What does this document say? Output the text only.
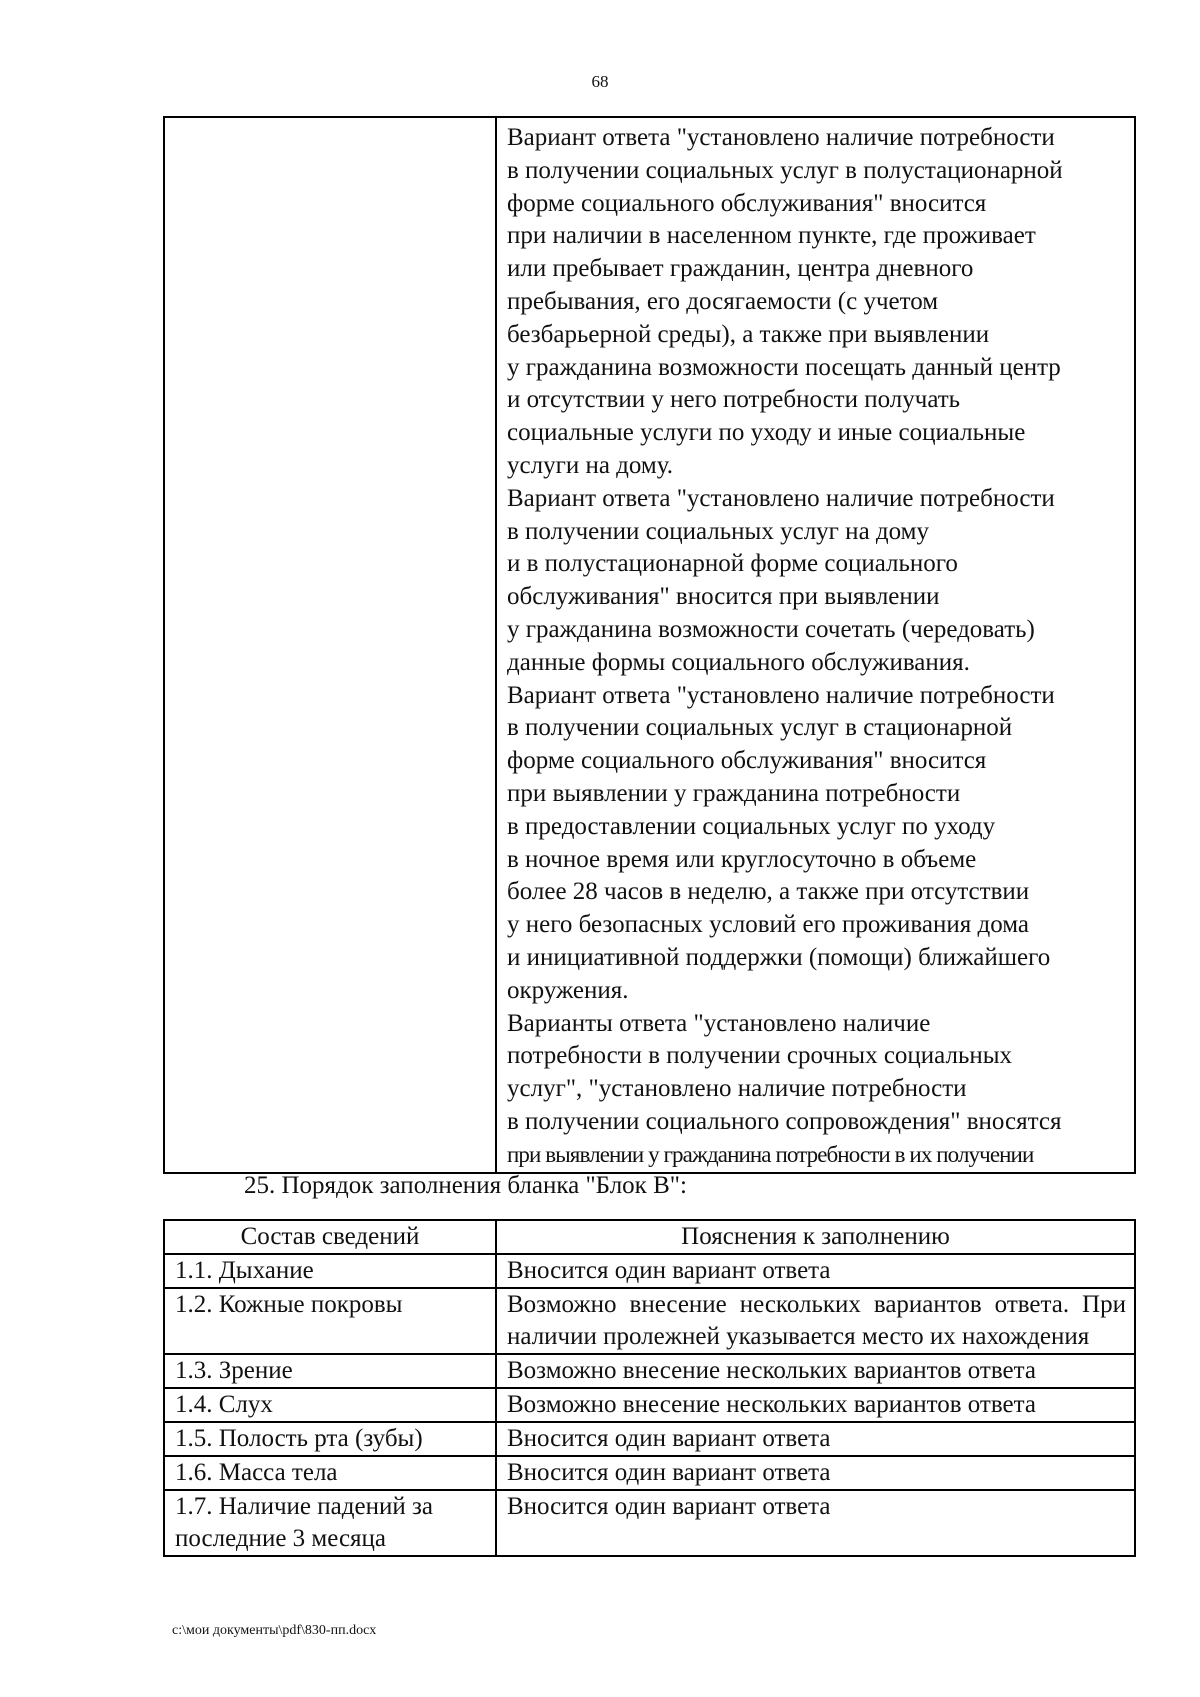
68

Вариант ответа "установлено наличие потребности
в получении социальных услуг в полустационарной
форме социального обслуживания" вносится
при наличии в населенном пункте, где проживает
или пребывает гражданин, центра дневного
пребывания, его досягаемости (с учетом
безбарьерной среды), а также при выявлении
у гражданина возможности посещать данный центр
и отсутствии у него потребности получать
социальные услуги по уходу и иные социальные
услуги на дому.
Вариант ответа "установлено наличие потребности
в получении социальных услуг на дому
и в полустационарной форме социального
обслуживания" вносится при выявлении
у гражданина возможности сочетать (чередовать)
данные формы социального обслуживания.
Вариант ответа "установлено наличие потребности
в получении социальных услуг в стационарной
форме социального обслуживания" вносится
при выявлении у гражданина потребности
в предоставлении социальных услуг по уходу
в ночное время или круглосуточно в объеме
более 28 часов в неделю, а также при отсутствии
у него безопасных условий его проживания дома
и инициативной поддержки (помощи) ближайшего
окружения.
Варианты ответа "установлено наличие
потребности в получении срочных социальных
услуг", "установлено наличие потребности
в получении социального сопровождения" вносятся
при выявлении у гражданина потребности в их получении
25. Порядок заполнения бланка "Блок В":
Состав сведений	Пояснения к заполнению
1.1. Дыхание	Вносится один вариант ответа
1.2. Кожные покровы	Возможно внесение нескольких вариантов ответа. При наличии пролежней указывается место их нахождения
1.3. Зрение	Возможно внесение нескольких вариантов ответа
1.4. Слух	Возможно внесение нескольких вариантов ответа
1.5. Полость рта (зубы)	Вносится один вариант ответа
1.6. Масса тела	Вносится один вариант ответа
1.7. Наличие падений за последние 3 месяца	Вносится один вариант ответа
c:\мои документы\pdf\830-пп.docx
